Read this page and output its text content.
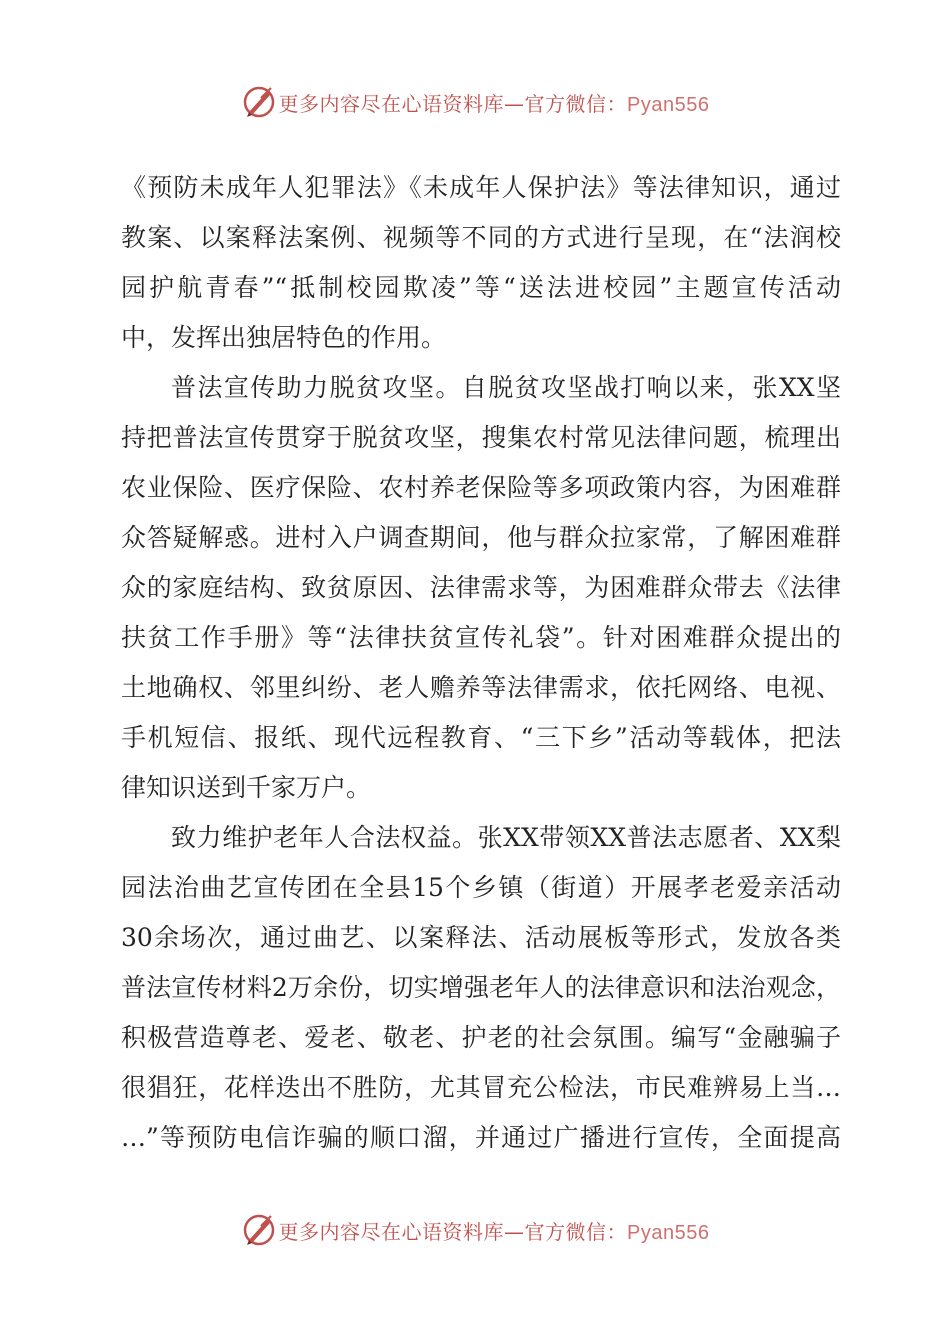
更多内容尽在心语资料库—官方微信：Pyan556
《预防未成年人犯罪法》《未成年人保护法》等法律知识，通过
教案、以案释法案例、视频等不同的方式进行呈现，在“法润校
园护航青春”“抵制校园欺凌”等“送法进校园”主题宣传活动
中，发挥出独居特色的作用。
普法宣传助力脱贫攻坚。自脱贫攻坚战打响以来，张XX坚
持把普法宣传贯穿于脱贫攻坚，搜集农村常见法律问题，梳理出
农业保险、医疗保险、农村养老保险等多项政策内容，为困难群
众答疑解惑。进村入户调查期间，他与群众拉家常，了解困难群
众的家庭结构、致贫原因、法律需求等，为困难群众带去《法律
扶贫工作手册》等“法律扶贫宣传礼袋”。针对困难群众提出的
土地确权、邻里纠纷、老人赡养等法律需求，依托网络、电视、
手机短信、报纸、现代远程教育、“三下乡”活动等载体，把法
律知识送到千家万户。
致力维护老年人合法权益。张XX带领XX普法志愿者、XX梨
园法治曲艺宣传团在全县15个乡镇（街道）开展孝老爱亲活动
30余场次，通过曲艺、以案释法、活动展板等形式，发放各类
普法宣传材料2万余份，切实增强老年人的法律意识和法治观念，
积极营造尊老、爱老、敬老、护老的社会氛围。编写“金融骗子
很猖狂，花样迭出不胜防，尤其冒充公检法，市民难辨易上当…
…”等预防电信诈骗的顺口溜，并通过广播进行宣传，全面提高
更多内容尽在心语资料库—官方微信：Pyan556
